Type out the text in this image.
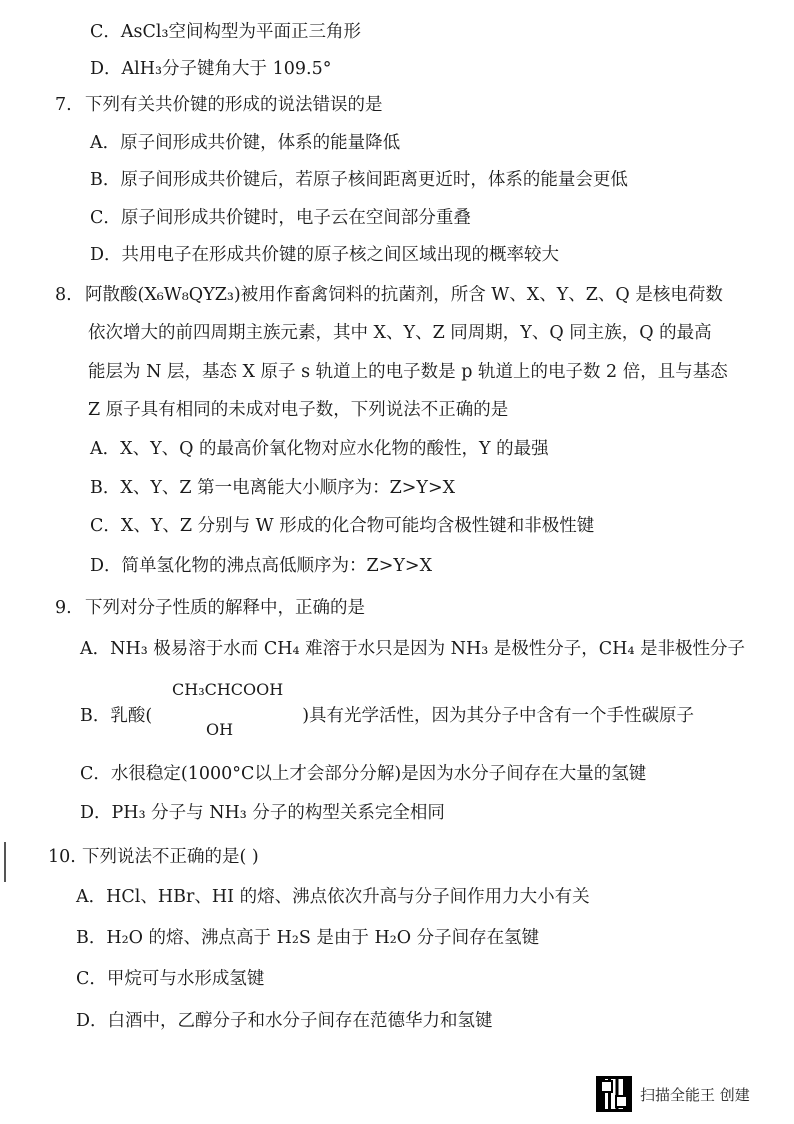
C．AsCl₃空间构型为平面正三角形
D．AlH₃分子键角大于 109.5°
7. 下列有关共价键的形成的说法错误的是
A．原子间形成共价键，体系的能量降低
B．原子间形成共价键后，若原子核间距离更近时，体系的能量会更低
C．原子间形成共价键时，电子云在空间部分重叠
D．共用电子在形成共价键的原子核之间区域出现的概率较大
8. 阿散酸(X₆W₈QYZ₃)被用作畜禽饲料的抗菌剂，所含 W、X、Y、Z、Q 是核电荷数
依次增大的前四周期主族元素，其中 X、Y、Z 同周期，Y、Q 同主族，Q 的最高
能层为 N 层，基态 X 原子 s 轨道上的电子数是 p 轨道上的电子数 2 倍，且与基态
Z 原子具有相同的未成对电子数，下列说法不正确的是
A．X、Y、Q 的最高价氧化物对应水化物的酸性，Y 的最强
B．X、Y、Z 第一电离能大小顺序为：Z>Y>X
C．X、Y、Z 分别与 W 形成的化合物可能均含极性键和非极性键
D．简单氢化物的沸点高低顺序为：Z>Y>X
9. 下列对分子性质的解释中，正确的是
A．NH₃ 极易溶于水而 CH₄ 难溶于水只是因为 NH₃ 是极性分子，CH₄ 是非极性分子
CH₃CHCOOH
B．乳酸(	)具有光学活性，因为其分子中含有一个手性碳原子
OH
C．水很稳定(1000°C以上才会部分分解)是因为水分子间存在大量的氢键
D．PH₃ 分子与 NH₃ 分子的构型关系完全相同
10. 下列说法不正确的是( )
A．HCl、HBr、HI 的熔、沸点依次升高与分子间作用力大小有关
B．H₂O 的熔、沸点高于 H₂S 是由于 H₂O 分子间存在氢键
C．甲烷可与水形成氢键
D．白酒中，乙醇分子和水分子间存在范德华力和氢键
扫描全能王 创建
